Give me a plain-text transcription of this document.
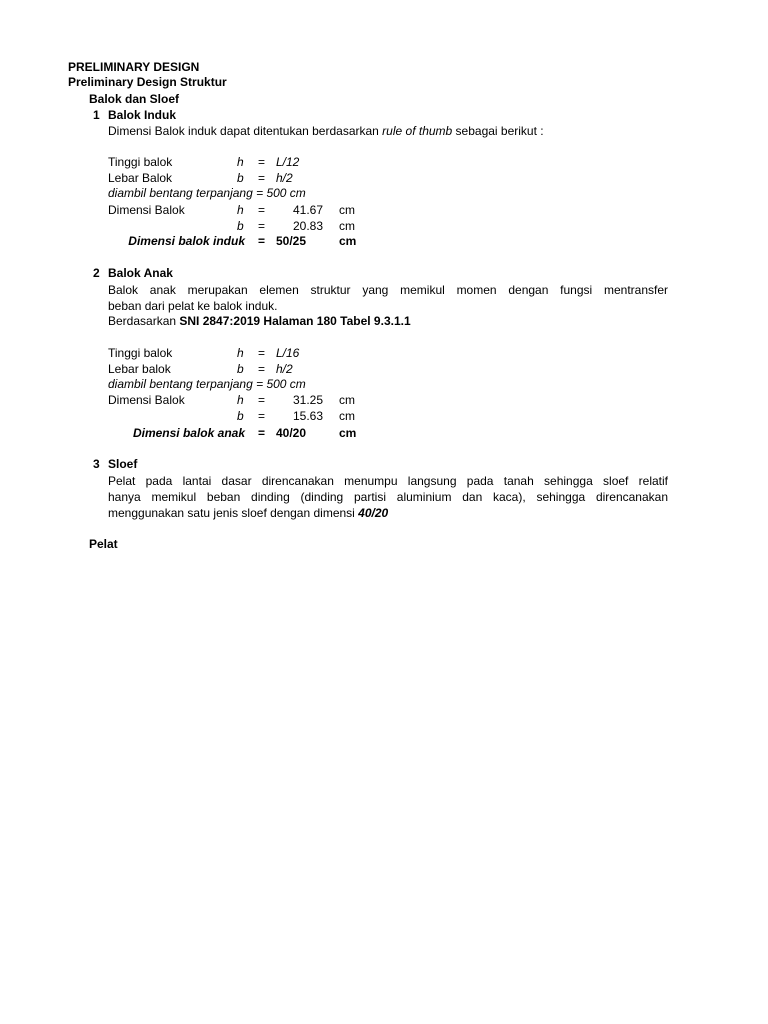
PRELIMINARY DESIGN
Preliminary Design Struktur
Balok dan Sloef
1 Balok Induk
Dimensi Balok induk dapat ditentukan berdasarkan rule of thumb sebagai berikut :
Tinggi balok	h = L/12
Lebar Balok	b = h/2
diambil bentang terpanjang = 500 cm
Dimensi Balok	h =	41.67 cm
b =	20.83 cm
Dimensi balok induk = 50/25	cm
2 Balok Anak
Balok anak merupakan elemen struktur yang memikul momen dengan fungsi mentransfer
beban dari pelat ke balok induk.
Berdasarkan SNI 2847:2019 Halaman 180 Tabel 9.3.1.1
Tinggi balok	h = L/16
Lebar balok	b = h/2
diambil bentang terpanjang = 500 cm
Dimensi Balok	h =	31.25 cm
b =	15.63 cm
Dimensi balok anak = 40/20	cm
3 Sloef
Pelat pada lantai dasar direncanakan menumpu langsung pada tanah sehingga sloef relatif
hanya memikul beban dinding (dinding partisi aluminium dan kaca), sehingga direncanakan
menggunakan satu jenis sloef dengan dimensi 40/20
Pelat
